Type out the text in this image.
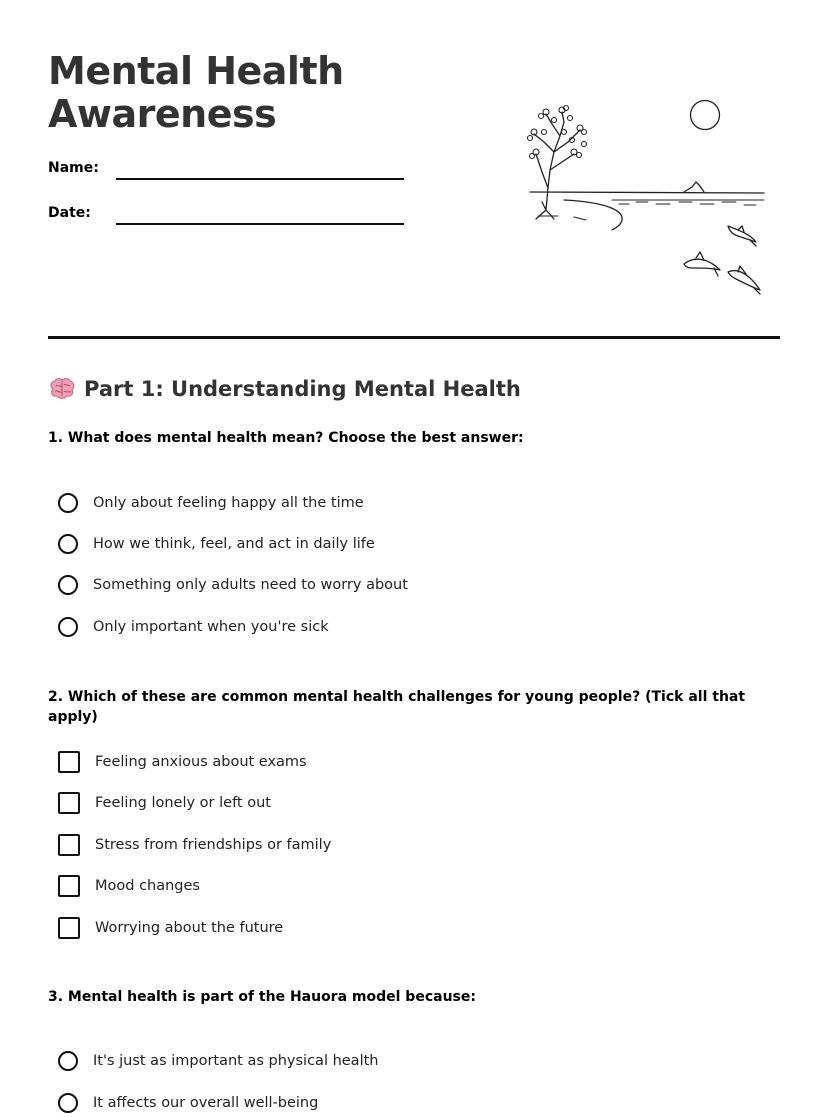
Mental Health
Awareness
Name:
Date:
Part 1: Understanding Mental Health

1. What does mental health mean? Choose the best answer:

Only about feeling happy all the time
How we think, feel, and act in daily life
Something only adults need to worry about
Only important when you're sick

2. Which of these are common mental health challenges for young people? (Tick all that apply)

Feeling anxious about exams
Feeling lonely or left out
Stress from friendships or family
Mood changes
Worrying about the future

3. Mental health is part of the Hauora model because:

It's just as important as physical health
It affects our overall well-being
